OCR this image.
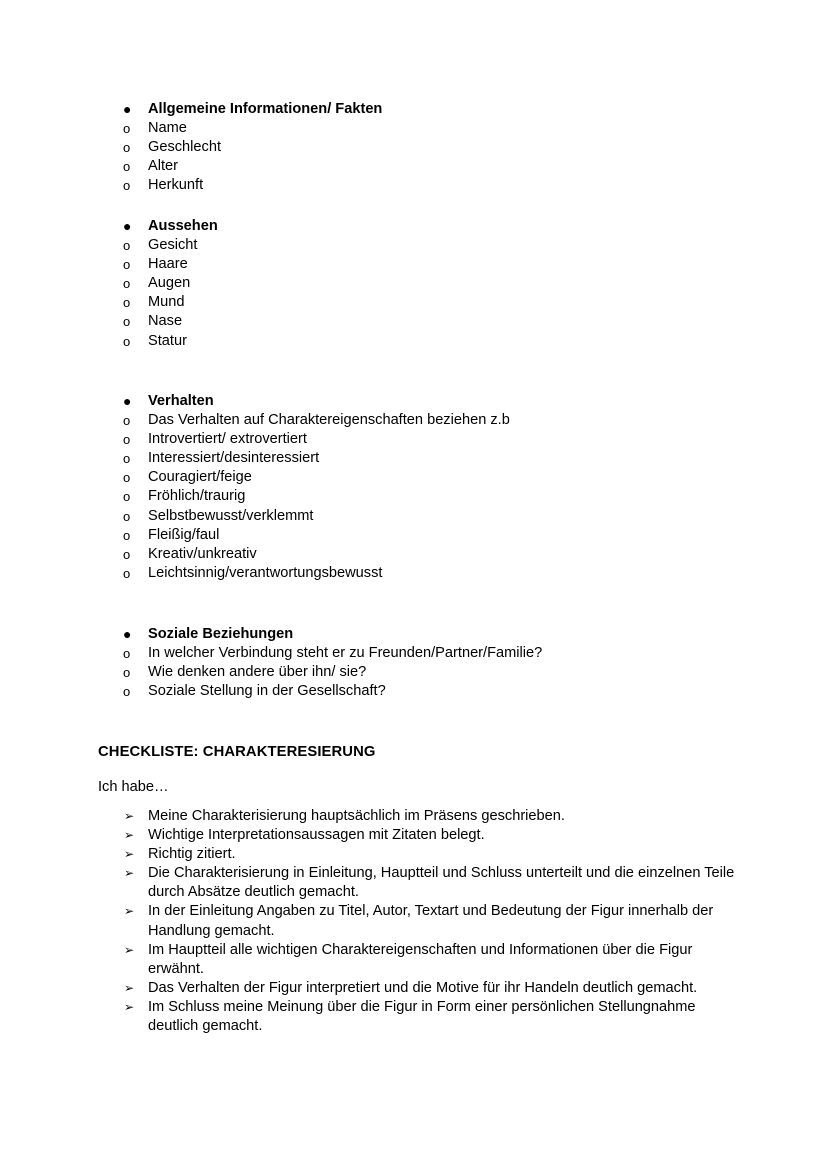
● Allgemeine Informationen/ Fakten
o	Name
o	Geschlecht
o	Alter
o	Herkunft
● Aussehen
o	Gesicht
o	Haare
o	Augen
o	Mund
o	Nase
o	Statur
● Verhalten
o	Das Verhalten auf Charaktereigenschaften beziehen z.b
o	Introvertiert/ extrovertiert
o	Interessiert/desinteressiert
o	Couragiert/feige
o	Fröhlich/traurig
o	Selbstbewusst/verklemmt
o	Fleißig/faul
o	Kreativ/unkreativ
o	Leichtsinnig/verantwortungsbewusst
● Soziale Beziehungen
o	In welcher Verbindung steht er zu Freunden/Partner/Familie?
o	Wie denken andere über ihn/ sie?
o	Soziale Stellung in der Gesellschaft?
CHECKLISTE: CHARAKTERESIERUNG
Ich habe…
➢ Meine Charakterisierung hauptsächlich im Präsens geschrieben.
➢ Wichtige Interpretationsaussagen mit Zitaten belegt.
➢ Richtig zitiert.
➢ Die Charakterisierung in Einleitung, Hauptteil und Schluss unterteilt und die einzelnen Teile durch Absätze deutlich gemacht.
➢ In der Einleitung Angaben zu Titel, Autor, Textart und Bedeutung der Figur innerhalb der Handlung gemacht.
➢ Im Hauptteil alle wichtigen Charaktereigenschaften und Informationen über die Figur erwähnt.
➢ Das Verhalten der Figur interpretiert und die Motive für ihr Handeln deutlich gemacht.
➢ Im Schluss meine Meinung über die Figur in Form einer persönlichen Stellungnahme deutlich gemacht.
